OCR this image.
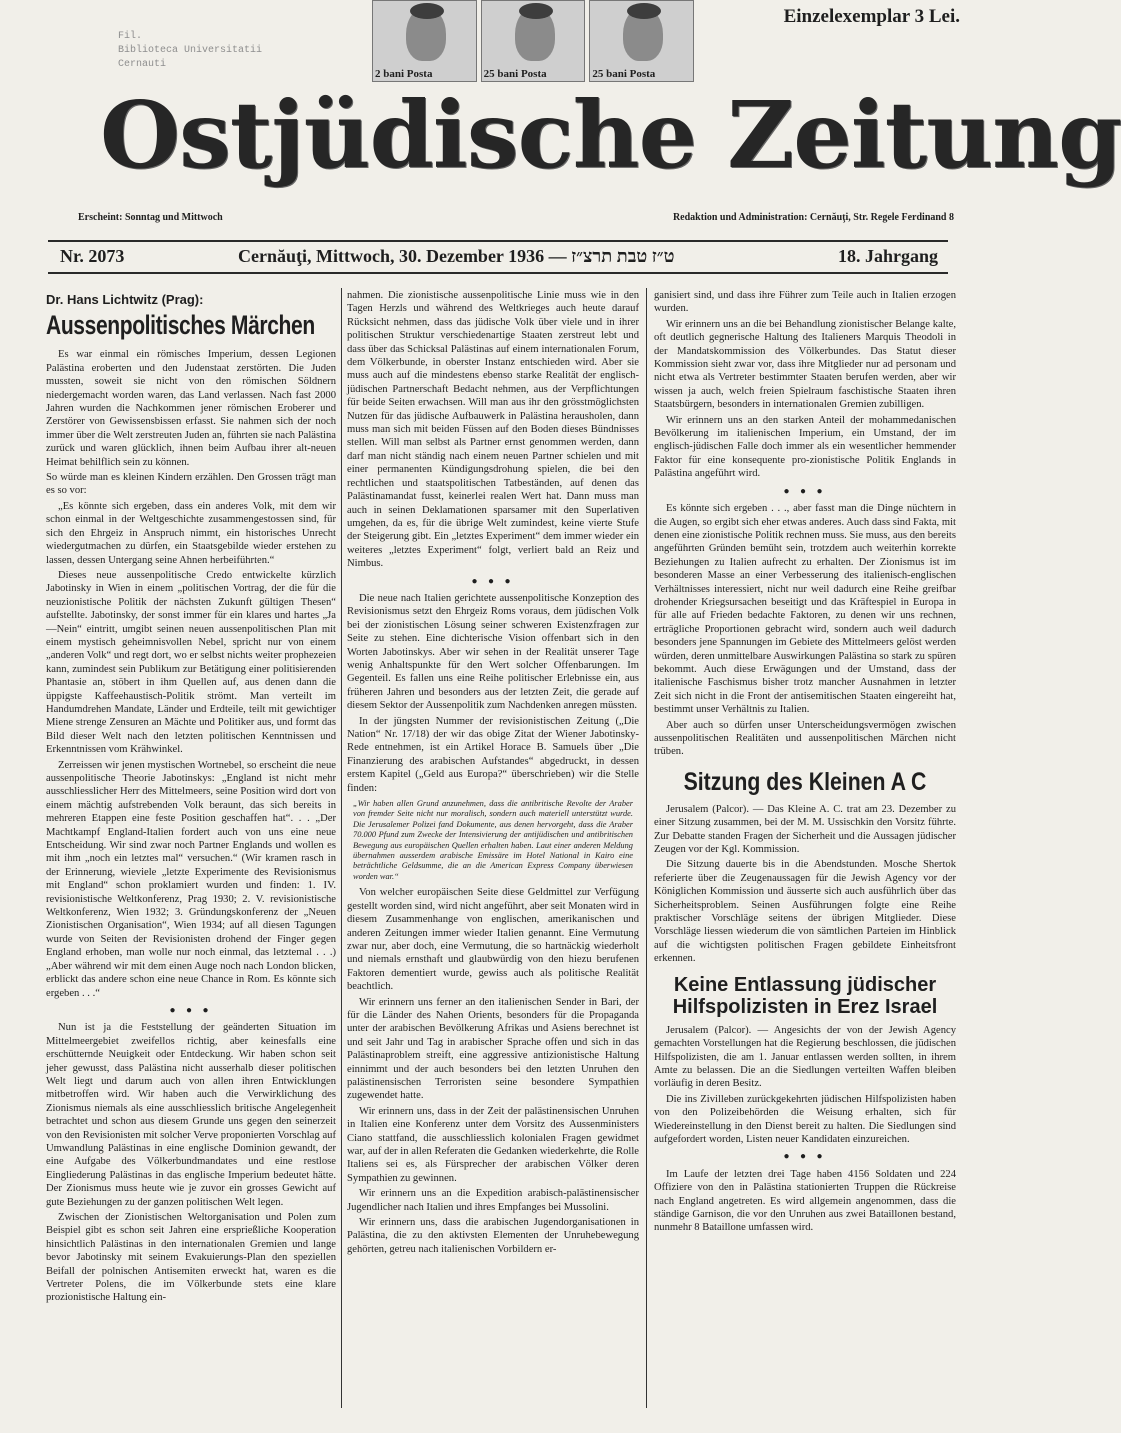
Fil.
Biblioteca Universitatii
Cernauti
2 bani Posta	25 bani Posta	25 bani Posta
Einzelexemplar 3 Lei.
Ostjüdische Zeitung
Erscheint: Sonntag und Mittwoch	Redaktion und Administration: Cernăuţi, Str. Regele Ferdinand 8
Nr. 2073	Cernăuţi, Mittwoch, 30. Dezember 1936 — ט״ז טבת תרצ״ז	18. Jahrgang
Dr. Hans Lichtwitz (Prag):
Aussenpolitisches Märchen

Es war einmal ein römisches Imperium, dessen Legionen Palästina eroberten und den Judenstaat zerstörten. Die Juden mussten, soweit sie nicht von den römischen Söldnern niedergemacht worden waren, das Land verlassen. Nach fast 2000 Jahren wurden die Nachkommen jener römischen Eroberer und Zerstörer von Gewissensbissen erfasst. Sie nahmen sich der noch immer über die Welt zerstreuten Juden an, führten sie nach Palästina zurück und waren glücklich, ihnen beim Aufbau ihrer alt-neuen Heimat behilflich sein zu können.

So würde man es kleinen Kindern erzählen. Den Grossen trägt man es so vor:

„Es könnte sich ergeben, dass ein anderes Volk, mit dem wir schon einmal in der Weltgeschichte zusammengestossen sind, für sich den Ehrgeiz in Anspruch nimmt, ein historisches Unrecht wiedergutmachen zu dürfen, ein Staatsgebilde wieder erstehen zu lassen, dessen Untergang seine Ahnen herbeiführten.“

Dieses neue aussenpolitische Credo entwickelte kürzlich Jabotinsky in Wien in einem „politischen Vortrag, der die für die neuzionistische Politik der nächsten Zukunft gültigen Thesen“ aufstellte. Jabotinsky, der sonst immer für ein klares und hartes „Ja—Nein“ eintritt, umgibt seinen neuen aussenpolitischen Plan mit einem mystisch geheimnisvollen Nebel, spricht nur von einem „anderen Volk“ und regt dort, wo er selbst nichts weiter prophezeien kann, zumindest sein Publikum zur Betätigung einer politisierenden Phantasie an, stöbert in ihm Quellen auf, aus denen dann die üppigste Kaffeehaustisch-Politik strömt. Man verteilt im Handumdrehen Mandate, Länder und Erdteile, teilt mit gewichtiger Miene strenge Zensuren an Mächte und Politiker aus, und formt das Bild dieser Welt nach den letzten politischen Kenntnissen und Erkenntnissen vom Krähwinkel.

Zerreissen wir jenen mystischen Wortnebel, so erscheint die neue aussenpolitische Theorie Jabotinskys: „England ist nicht mehr ausschliesslicher Herr des Mittelmeers, seine Position wird dort von einem mächtig aufstrebenden Volk beraunt, das sich bereits in mehreren Etappen eine feste Position geschaffen hat“. . . „Der Machtkampf England-Italien fordert auch von uns eine neue Entscheidung. Wir sind zwar noch Partner Englands und wollen es mit ihm „noch ein letztes mal“ versuchen.“ (Wir kramen rasch in der Erinnerung, wieviele „letzte Experimente des Revisionismus mit England“ schon proklamiert wurden und finden: 1. IV. revisionistische Weltkonferenz, Prag 1930; 2. V. revisionistische Weltkonferenz, Wien 1932; 3. Gründungskonferenz der „Neuen Zionistischen Organisation“, Wien 1934; auf all diesen Tagungen wurde von Seiten der Revisionisten drohend der Finger gegen England erhoben, man wolle nur noch einmal, das letztemal . . .) „Aber während wir mit dem einen Auge noch nach London blicken, erblickt das andere schon eine neue Chance in Rom. Es könnte sich ergeben . . .“

● ● ●

Nun ist ja die Feststellung der geänderten Situation im Mittelmeergebiet zweifellos richtig, aber keinesfalls eine erschütternde Neuigkeit oder Entdeckung. Wir haben schon seit jeher gewusst, dass Palästina nicht ausserhalb dieser politischen Welt liegt und darum auch von allen ihren Entwicklungen mitbetroffen wird. Wir haben auch die Verwirklichung des Zionismus niemals als eine ausschliesslich britische Angelegenheit betrachtet und schon aus diesem Grunde uns gegen den seinerzeit von den Revisionisten mit solcher Verve proponierten Vorschlag auf Umwandlung Palästinas in eine englische Dominion gewandt, der eine Aufgabe des Völkerbundmandates und eine restlose Eingliederung Palästinas in das englische Imperium bedeutet hätte. Der Zionismus muss heute wie je zuvor ein grosses Gewicht auf gute Beziehungen zu der ganzen politischen Welt legen.

Zwischen der Zionistischen Weltorganisation und Polen zum Beispiel gibt es schon seit Jahren eine ersprießliche Kooperation hinsichtlich Palästinas in den internationalen Gremien und lange bevor Jabotinsky mit seinem Evakuierungs-Plan den speziellen Beifall der polnischen Antisemiten erweckt hat, waren es die Vertreter Polens, die im Völkerbunde stets eine klare prozionistische Haltung ein-

nahmen. Die zionistische aussenpolitische Linie muss wie in den Tagen Herzls und während des Weltkrieges auch heute darauf Rücksicht nehmen, dass das jüdische Volk über viele und in ihrer politischen Struktur verschiedenartige Staaten zerstreut lebt und dass über das Schicksal Palästinas auf einem internationalen Forum, dem Völkerbunde, in oberster Instanz entschieden wird. Aber sie muss auch auf die mindestens ebenso starke Realität der englisch-jüdischen Partnerschaft Bedacht nehmen, aus der Verpflichtungen für beide Seiten erwachsen. Will man aus ihr den grösstmöglichsten Nutzen für das jüdische Aufbauwerk in Palästina herausholen, dann muss man sich mit beiden Füssen auf den Boden dieses Bündnisses stellen. Will man selbst als Partner ernst genommen werden, dann darf man nicht ständig nach einem neuen Partner schielen und mit einer permanenten Kündigungsdrohung spielen, die bei den rechtlichen und staatspolitischen Tatbeständen, auf denen das Palästinamandat fusst, keinerlei realen Wert hat. Dann muss man auch in seinen Deklamationen sparsamer mit den Superlativen umgehen, da es, für die übrige Welt zumindest, keine vierte Stufe der Steigerung gibt. Ein „letztes Experiment“ dem immer wieder ein weiteres „letztes Experiment“ folgt, verliert bald an Reiz und Nimbus.

● ● ●

Die neue nach Italien gerichtete aussenpolitische Konzeption des Revisionismus setzt den Ehrgeiz Roms voraus, dem jüdischen Volk bei der zionistischen Lösung seiner schweren Existenzfragen zur Seite zu stehen. Eine dichterische Vision offenbart sich in den Worten Jabotinskys. Aber wir sehen in der Realität unserer Tage wenig Anhaltspunkte für den Wert solcher Offenbarungen. Im Gegenteil. Es fallen uns eine Reihe politischer Erlebnisse ein, aus früheren Jahren und besonders aus der letzten Zeit, die gerade auf diesem Sektor der Aussenpolitik zum Nachdenken anregen müssten.

In der jüngsten Nummer der revisionistischen Zeitung („Die Nation“ Nr. 17/18) der wir das obige Zitat der Wiener Jabotinsky-Rede entnehmen, ist ein Artikel Horace B. Samuels über „Die Finanzierung des arabischen Aufstandes“ abgedruckt, in dessen erstem Kapitel („Geld aus Europa?“ überschrieben) wir die Stelle finden:

„Wir haben allen Grund anzunehmen, dass die antibritische Revolte der Araber von fremder Seite nicht nur moralisch, sondern auch materiell unterstützt wurde. Die Jerusalemer Polizei fand Dokumente, aus denen hervorgeht, dass die Araber 70.000 Pfund zum Zwecke der Intensivierung der antijüdischen und antibritischen Bewegung aus europäischen Quellen erhalten haben. Laut einer anderen Meldung übernahmen ausserdem arabische Emissäre im Hotel National in Kairo eine beträchtliche Geldsumme, die an die American Express Company überwiesen worden war.“

Von welcher europäischen Seite diese Geldmittel zur Verfügung gestellt worden sind, wird nicht angeführt, aber seit Monaten wird in diesem Zusammenhange von englischen, amerikanischen und anderen Zeitungen immer wieder Italien genannt. Eine Vermutung zwar nur, aber doch, eine Vermutung, die so hartnäckig wiederholt und niemals ernsthaft und glaubwürdig von den hiezu berufenen Faktoren dementiert wurde, gewiss auch als politische Realität beachtlich.

Wir erinnern uns ferner an den italienischen Sender in Bari, der für die Länder des Nahen Orients, besonders für die Propaganda unter der arabischen Bevölkerung Afrikas und Asiens berechnet ist und seit Jahr und Tag in arabischer Sprache offen und sich in das Palästinaproblem streift, eine aggressive antizionistische Haltung einnimmt und der auch besonders bei den letzten Unruhen den palästinensischen Terroristen seine besondere Sympathien zugewendet hatte.

Wir erinnern uns, dass in der Zeit der palästinensischen Unruhen in Italien eine Konferenz unter dem Vorsitz des Aussenministers Ciano stattfand, die ausschliesslich kolonialen Fragen gewidmet war, auf der in allen Referaten die Gedanken wiederkehrte, die Rolle Italiens sei es, als Fürsprecher der arabischen Völker deren Sympathien zu gewinnen.

Wir erinnern uns an die Expedition arabisch-palästinensischer Jugendlicher nach Italien und ihres Empfanges bei Mussolini.

Wir erinnern uns, dass die arabischen Jugendorganisationen in Palästina, die zu den aktivsten Elementen der Unruhebewegung gehörten, getreu nach italienischen Vorbildern er-

ganisiert sind, und dass ihre Führer zum Teile auch in Italien erzogen wurden.

Wir erinnern uns an die bei Behandlung zionistischer Belange kalte, oft deutlich gegnerische Haltung des Italieners Marquis Theodoli in der Mandatskommission des Völkerbundes. Das Statut dieser Kommission sieht zwar vor, dass ihre Mitglieder nur ad personam und nicht etwa als Vertreter bestimmter Staaten berufen werden, aber wir wissen ja auch, welch freien Spielraum faschistische Staaten ihren Staatsbürgern, besonders in internationalen Gremien zubilligen.

Wir erinnern uns an den starken Anteil der mohammedanischen Bevölkerung im italienischen Imperium, ein Umstand, der im englisch-jüdischen Falle doch immer als ein wesentlicher hemmender Faktor für eine konsequente pro-zionistische Politik Englands in Palästina angeführt wird.

● ● ●

Es könnte sich ergeben . . ., aber fasst man die Dinge nüchtern in die Augen, so ergibt sich eher etwas anderes. Auch dass sind Fakta, mit denen eine zionistische Politik rechnen muss. Sie muss, aus den bereits angeführten Gründen bemüht sein, trotzdem auch weiterhin korrekte Beziehungen zu Italien aufrecht zu erhalten. Der Zionismus ist im besonderen Masse an einer Verbesserung des italienisch-englischen Verhältnisses interessiert, nicht nur weil dadurch eine Reihe greifbar drohender Kriegsursachen beseitigt und das Kräftespiel in Europa in für alle auf Frieden bedachte Faktoren, zu denen wir uns rechnen, erträgliche Proportionen gebracht wird, sondern auch weil dadurch besonders jene Spannungen im Gebiete des Mittelmeers gelöst werden würden, deren unmittelbare Auswirkungen Palästina so stark zu spüren bekommt. Auch diese Erwägungen und der Umstand, dass der italienische Faschismus bisher trotz mancher Ausnahmen in letzter Zeit sich nicht in die Front der antisemitischen Staaten eingereiht hat, bestimmt unser Verhältnis zu Italien.

Aber auch so dürfen unser Unterscheidungsvermögen zwischen aussenpolitischen Realitäten und aussenpolitischen Märchen nicht trüben.

Sitzung des Kleinen A C

Jerusalem (Palcor). — Das Kleine A. C. trat am 23. Dezember zu einer Sitzung zusammen, bei der M. M. Ussischkin den Vorsitz führte. Zur Debatte standen Fragen der Sicherheit und die Aussagen jüdischer Zeugen vor der Kgl. Kommission.

Die Sitzung dauerte bis in die Abendstunden. Mosche Shertok referierte über die Zeugenaussagen für die Jewish Agency vor der Königlichen Kommission und äusserte sich auch ausführlich über das Sicherheitsproblem. Seinen Ausführungen folgte eine Reihe praktischer Vorschläge seitens der übrigen Mitglieder. Diese Vorschläge liessen wiederum die von sämtlichen Parteien im Hinblick auf die wichtigsten politischen Fragen gebildete Einheitsfront erkennen.

Keine Entlassung jüdischer Hilfspolizisten in Erez Israel

Jerusalem (Palcor). — Angesichts der von der Jewish Agency gemachten Vorstellungen hat die Regierung beschlossen, die jüdischen Hilfspolizisten, die am 1. Januar entlassen werden sollten, in ihrem Amte zu belassen. Die an die Siedlungen verteilten Waffen bleiben vorläufig in deren Besitz.

Die ins Zivilleben zurückgekehrten jüdischen Hilfspolizisten haben von den Polizeibehörden die Weisung erhalten, sich für Wiedereinstellung in den Dienst bereit zu halten. Die Siedlungen sind aufgefordert worden, Listen neuer Kandidaten einzureichen.

● ● ●

Im Laufe der letzten drei Tage haben 4156 Soldaten und 224 Offiziere von den in Palästina stationierten Truppen die Rückreise nach England angetreten. Es wird allgemein angenommen, dass die ständige Garnison, die vor den Unruhen aus zwei Bataillonen bestand, nunmehr 8 Bataillone umfassen wird.
